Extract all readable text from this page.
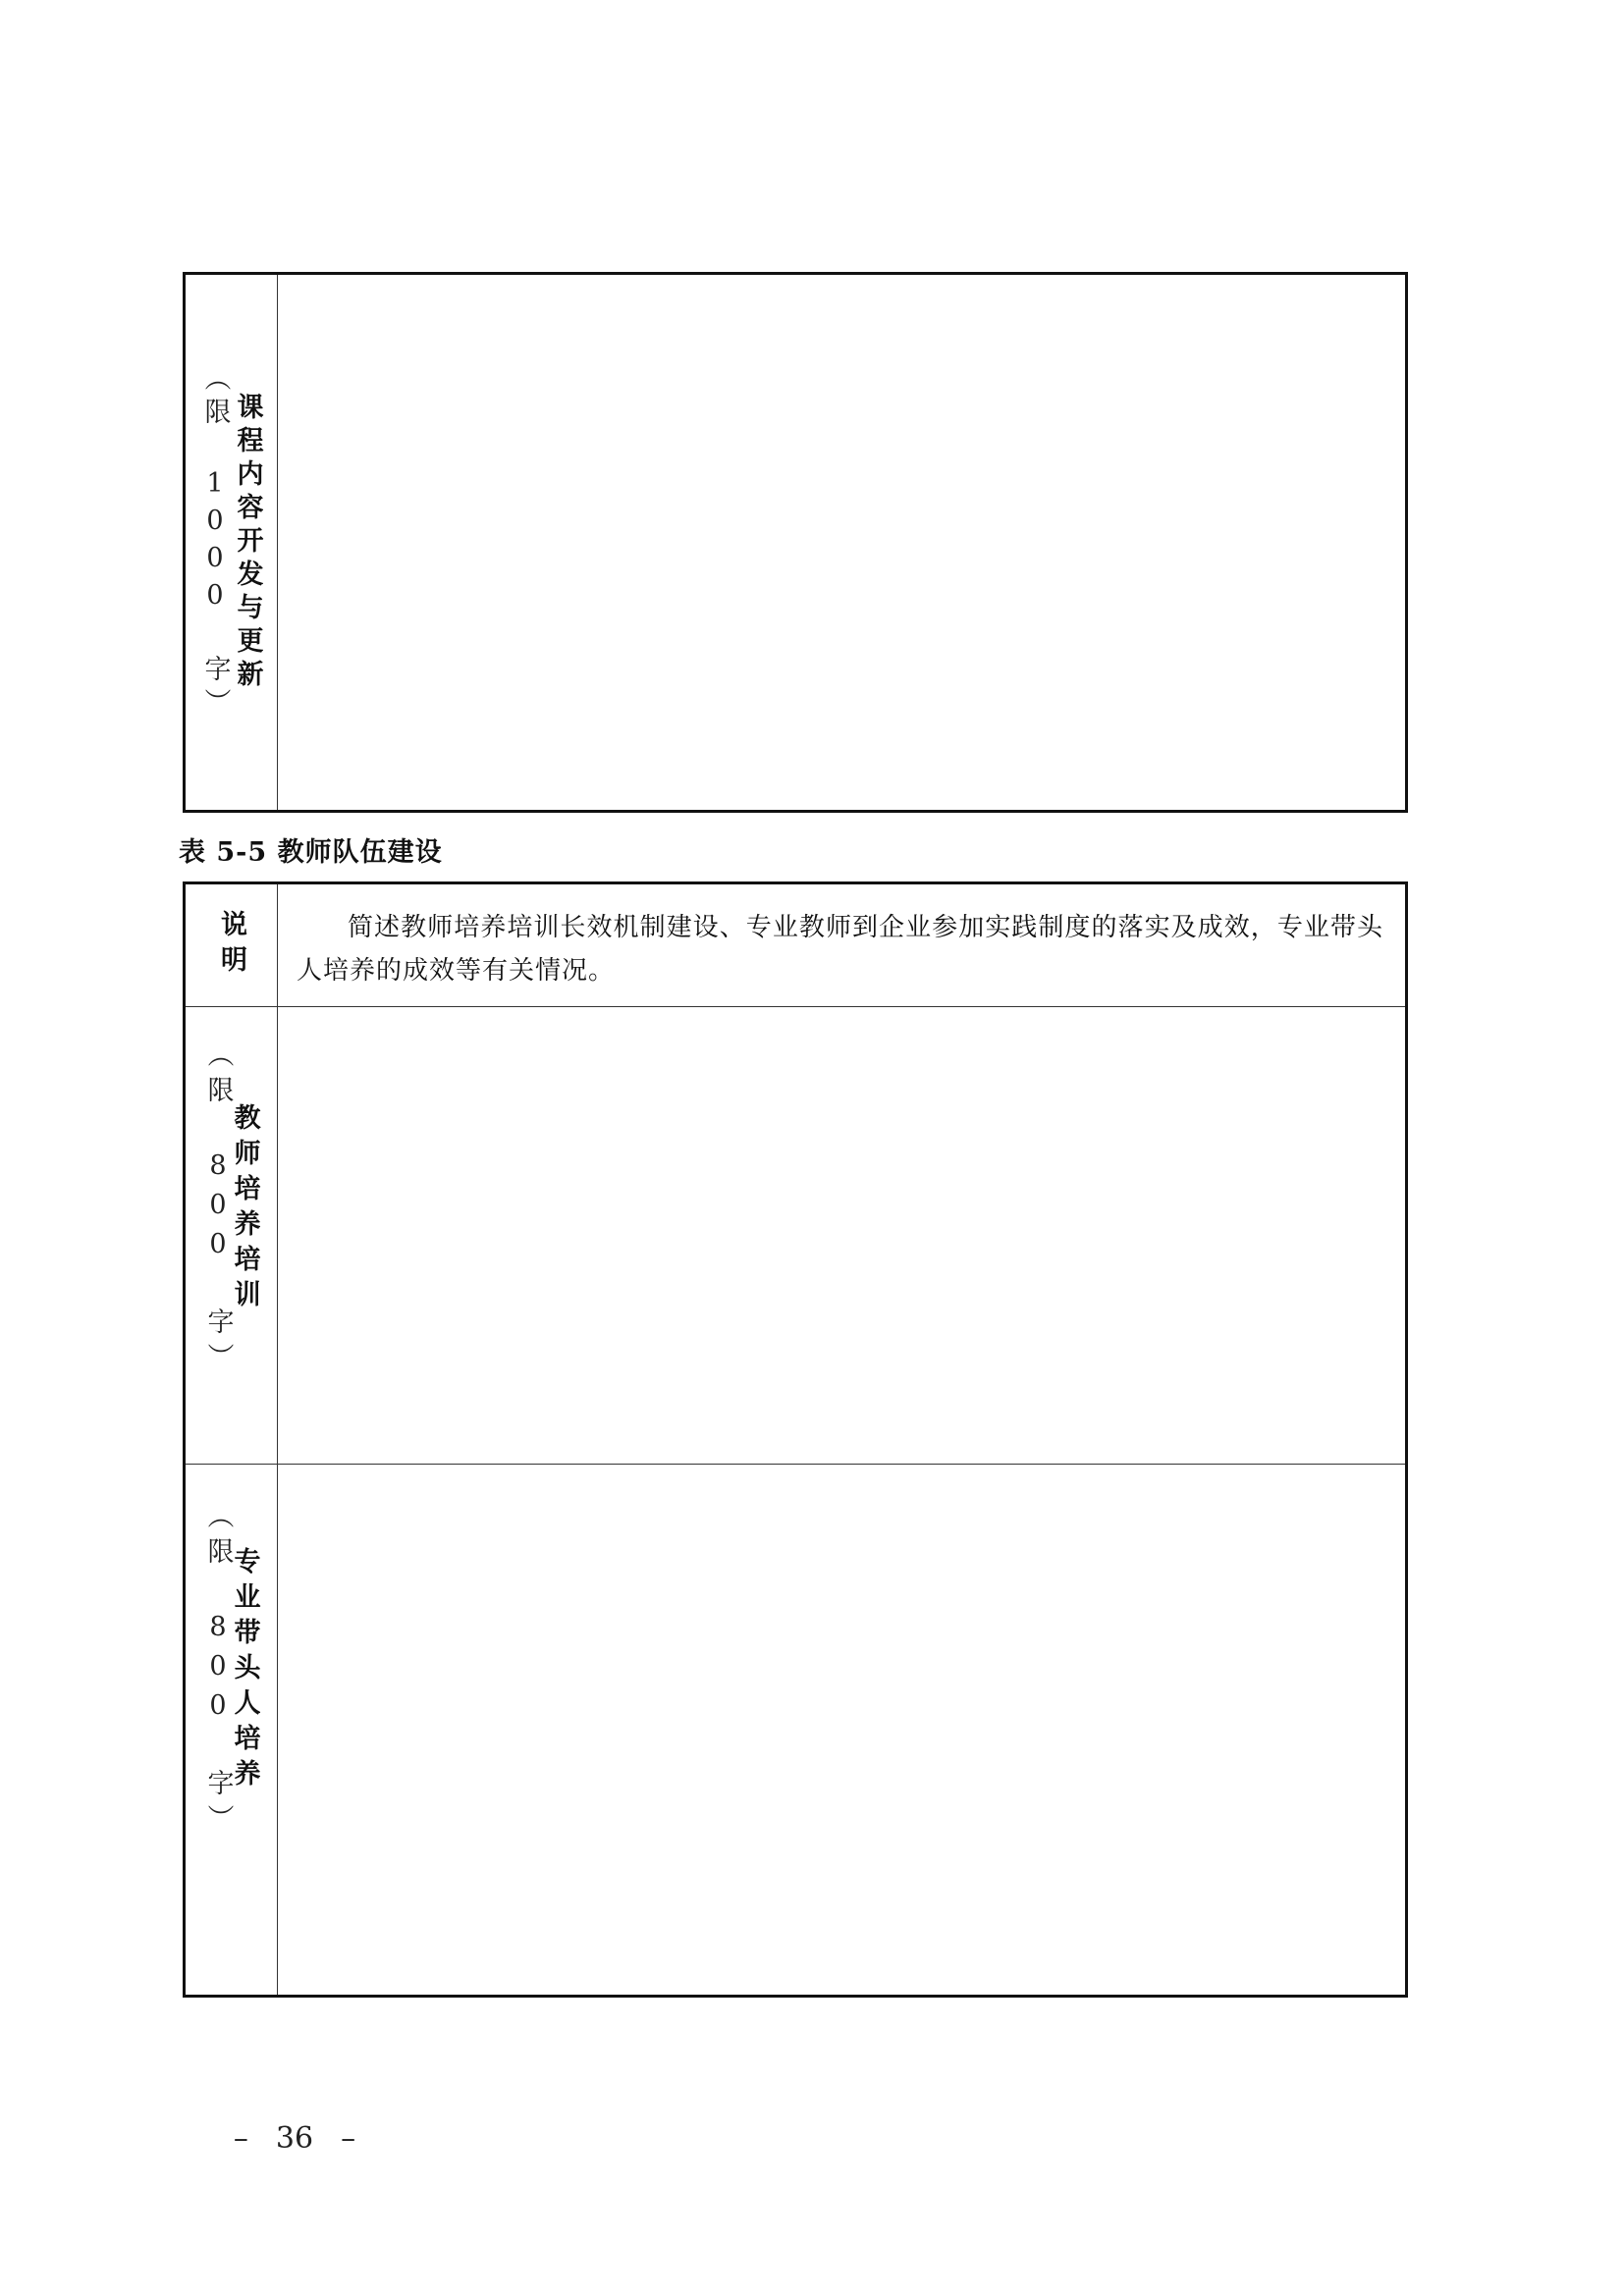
课程内容开发与更新
（限 1000 字）
表 5-5 教师队伍建设
说明	简述教师培养培训长效机制建设、专业教师到企业参加实践制度的落实及成效，专业带头人培养的成效等有关情况。
教师培养培训
（限 800 字）
专业带头人培养
（限 800 字）
– 36 –
